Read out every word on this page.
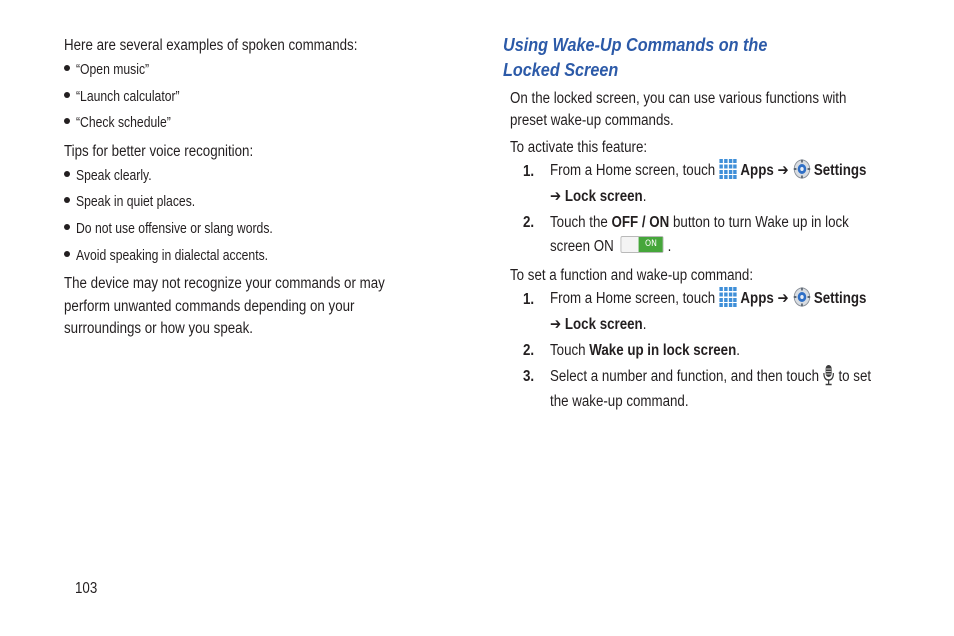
Here are several examples of spoken commands:
“Open music”
“Launch calculator”
“Check schedule”
Tips for better voice recognition:
Speak clearly.
Speak in quiet places.
Do not use offensive or slang words.
Avoid speaking in dialectal accents.
The device may not recognize your commands or may
perform unwanted commands depending on your
surroundings or how you speak.
Using Wake-Up Commands on the
Locked Screen
On the locked screen, you can use various functions with
preset wake-up commands.
To activate this feature:
1. From a Home screen, touch Apps ➔ Settings
➔ Lock screen.
2. Touch the OFF / ON button to turn Wake up in lock
screen ON	ON .
To set a function and wake-up command:
1. From a Home screen, touch Apps ➔ Settings
➔ Lock screen.
2. Touch Wake up in lock screen.
3. Select a number and function, and then touch to set
the wake-up command.
103
